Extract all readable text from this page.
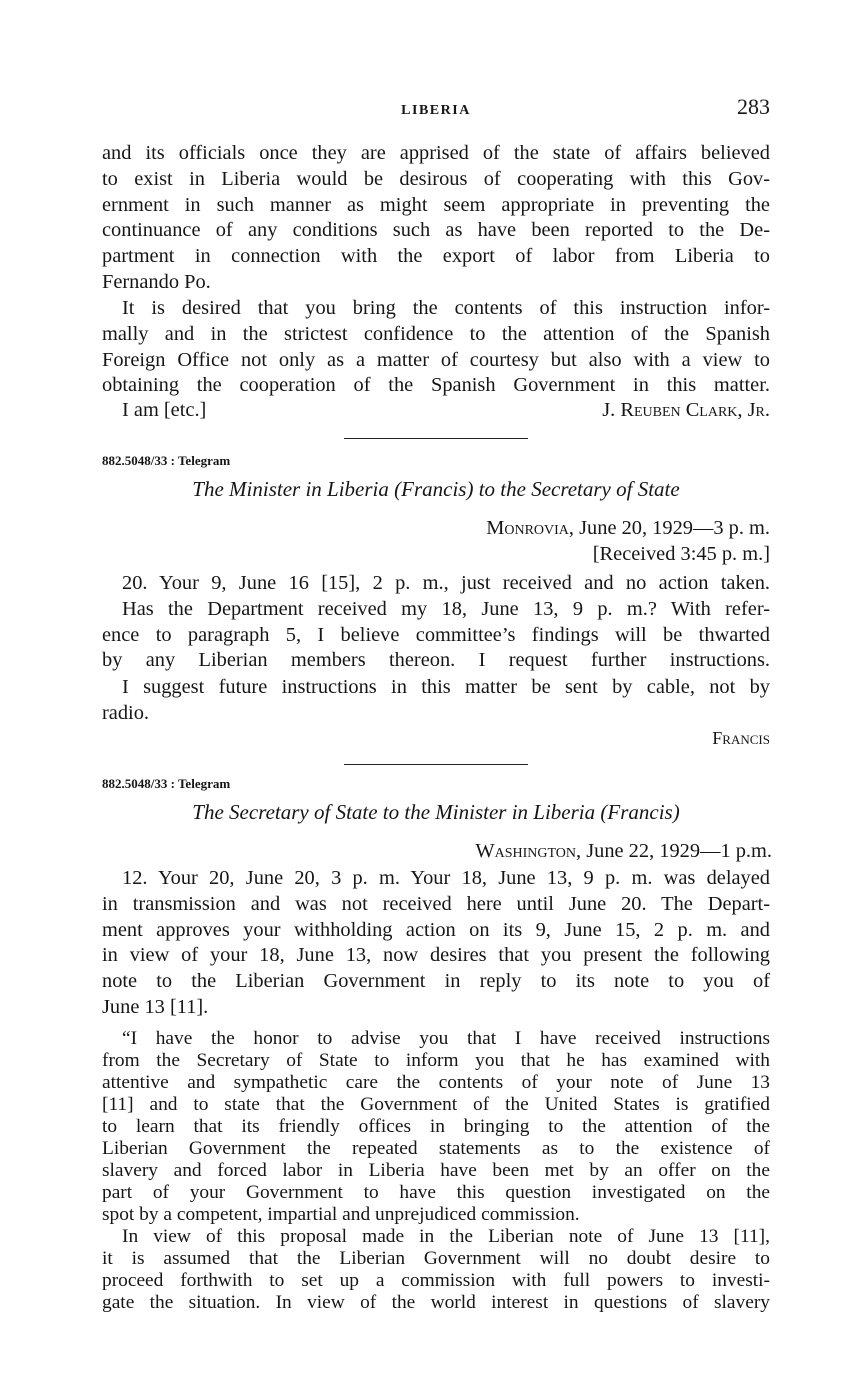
LIBERIA	283

and its officials once they are apprised of the state of affairs believed

to exist in Liberia would be desirous of cooperating with this Gov-

ernment in such manner as might seem appropriate in preventing the

continuance of any conditions such as have been reported to the De-

partment in connection with the export of labor from Liberia to

Fernando Po.

It is desired that you bring the contents of this instruction infor-

mally and in the strictest confidence to the attention of the Spanish

Foreign Office not only as a matter of courtesy but also with a view to

obtaining the cooperation of the Spanish Government in this matter.

I am [etc.]	J. Reuben Clark, Jr.
882.5048/33 : Telegram
The Minister in Liberia (Francis) to the Secretary of State
Monrovia, June 20, 1929—3 p. m.
[Received 3:45 p. m.]

20. Your 9, June 16 [15], 2 p. m., just received and no action taken.

Has the Department received my 18, June 13, 9 p. m.? With refer-

ence to paragraph 5, I believe committee’s findings will be thwarted

by any Liberian members thereon. I request further instructions.

I suggest future instructions in this matter be sent by cable, not by

radio.

Francis
882.5048/33 : Telegram
The Secretary of State to the Minister in Liberia (Francis)
Washington, June 22, 1929—1 p.m.

12. Your 20, June 20, 3 p. m. Your 18, June 13, 9 p. m. was delayed

in transmission and was not received here until June 20. The Depart-

ment approves your withholding action on its 9, June 15, 2 p. m. and

in view of your 18, June 13, now desires that you present the following

note to the Liberian Government in reply to its note to you of

June 13 [11].

“I have the honor to advise you that I have received instructions

from the Secretary of State to inform you that he has examined with

attentive and sympathetic care the contents of your note of June 13

[11] and to state that the Government of the United States is gratified

to learn that its friendly offices in bringing to the attention of the

Liberian Government the repeated statements as to the existence of

slavery and forced labor in Liberia have been met by an offer on the

part of your Government to have this question investigated on the

spot by a competent, impartial and unprejudiced commission.

In view of this proposal made in the Liberian note of June 13 [11],

it is assumed that the Liberian Government will no doubt desire to

proceed forthwith to set up a commission with full powers to investi-

gate the situation. In view of the world interest in questions of slavery
